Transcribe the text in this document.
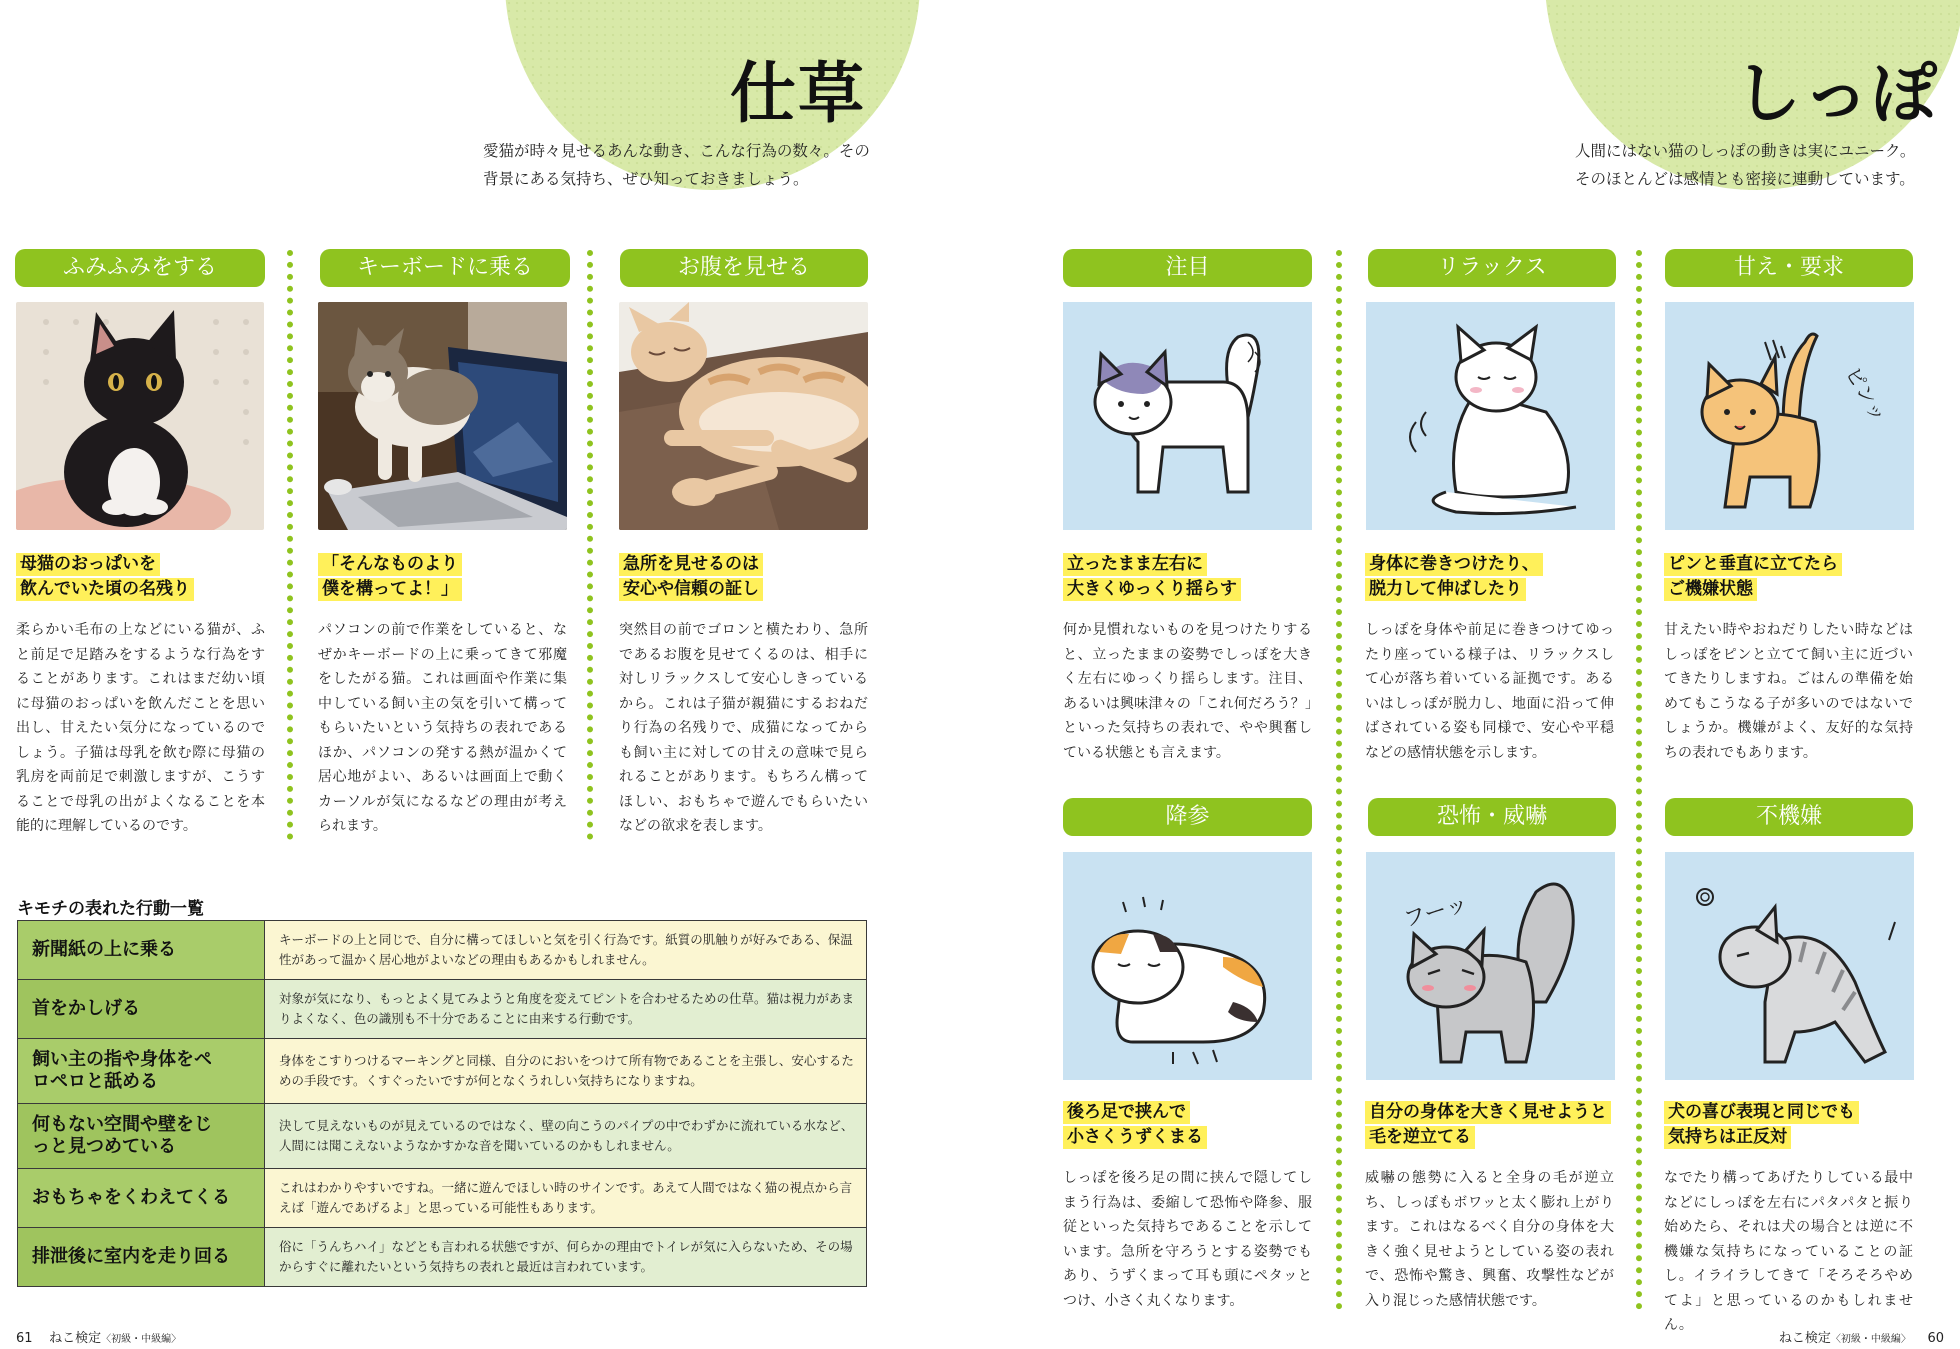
仕草
愛猫が時々見せるあんな動き、こんな行為の数々。その
背景にある気持ち、ぜひ知っておきましょう。
ふみふみをする	キーボードに乗る	お腹を見せる
母猫のおっぱいを
飲んでいた頃の名残り
「そんなものより
僕を構ってよ！」
急所を見せるのは
安心や信頼の証し
柔らかい毛布の上などにいる猫が、ふと前足で足踏みをするような行為をすることがあります。これはまだ幼い頃に母猫のおっぱいを飲んだことを思い出し、甘えたい気分になっているのでしょう。子猫は母乳を飲む際に母猫の乳房を両前足で刺激しますが、こうすることで母乳の出がよくなることを本能的に理解しているのです。
パソコンの前で作業をしていると、なぜかキーボードの上に乗ってきて邪魔をしたがる猫。これは画面や作業に集中している飼い主の気を引いて構ってもらいたいという気持ちの表れであるほか、パソコンの発する熱が温かくて居心地がよい、あるいは画面上で動くカーソルが気になるなどの理由が考えられます。
突然目の前でゴロンと横たわり、急所であるお腹を見せてくるのは、相手に対しリラックスして安心しきっているから。これは子猫が親猫にするおねだり行為の名残りで、成猫になってからも飼い主に対しての甘えの意味で見られることがあります。もちろん構ってほしい、おもちゃで遊んでもらいたいなどの欲求を表します。
キモチの表れた行動一覧
新聞紙の上に乗る	キーボードの上と同じで、自分に構ってほしいと気を引く行為です。紙質の肌触りが好みである、保温性があって温かく居心地がよいなどの理由もあるかもしれません。
首をかしげる	対象が気になり、もっとよく見てみようと角度を変えてピントを合わせるための仕草。猫は視力があまりよくなく、色の識別も不十分であることに由来する行動です。

飼い主の指や身体をペロペロと舐める	身体をこすりつけるマーキングと同様、自分のにおいをつけて所有物であることを主張し、安心するための手段です。くすぐったいですが何となくうれしい気持ちになりますね。

何もない空間や壁をじっと見つめている	決して見えないものが見えているのではなく、壁の向こうのパイプの中でわずかに流れている水など、人間には聞こえないようなかすかな音を聞いているのかもしれません。
おもちゃをくわえてくる	これはわかりやすいですね。一緒に遊んでほしい時のサインです。あえて人間ではなく猫の視点から言えば「遊んであげるよ」と思っている可能性もあります。
排泄後に室内を走り回る	俗に「うんちハイ」などとも言われる状態ですが、何らかの理由でトイレが気に入らないため、その場からすぐに離れたいという気持ちの表れと最近は言われています。
61 ねこ検定〈初級・中級編〉
しっぽ
人間にはない猫のしっぽの動きは実にユニーク。
そのほとんどは感情とも密接に連動しています。
注目	リラックス	甘え・要求
ピンッ
立ったまま左右に
大きくゆっくり揺らす
身体に巻きつけたり、
脱力して伸ばしたり
ピンと垂直に立てたら
ご機嫌状態
何か見慣れないものを見つけたりすると、立ったままの姿勢でしっぽを大きく左右にゆっくり揺らします。注目、あるいは興味津々の「これ何だろう？」といった気持ちの表れで、やや興奮している状態とも言えます。
しっぽを身体や前足に巻きつけてゆったり座っている様子は、リラックスして心が落ち着いている証拠です。あるいはしっぽが脱力し、地面に沿って伸ばされている姿も同様で、安心や平穏などの感情状態を示します。
甘えたい時やおねだりしたい時などはしっぽをピンと立てて飼い主に近づいてきたりしますね。ごはんの準備を始めてもこうなる子が多いのではないでしょうか。機嫌がよく、友好的な気持ちの表れでもあります。
降参	恐怖・威嚇	不機嫌
フーッ
後ろ足で挟んで
小さくうずくまる
自分の身体を大きく見せようと
毛を逆立てる
犬の喜び表現と同じでも
気持ちは正反対
しっぽを後ろ足の間に挟んで隠してしまう行為は、委縮して恐怖や降参、服従といった気持ちであることを示しています。急所を守ろうとする姿勢でもあり、うずくまって耳も頭にペタッとつけ、小さく丸くなります。
威嚇の態勢に入ると全身の毛が逆立ち、しっぽもボワッと太く膨れ上がります。これはなるべく自分の身体を大きく強く見せようとしている姿の表れで、恐怖や驚き、興奮、攻撃性などが入り混じった感情状態です。
なでたり構ってあげたりしている最中などにしっぽを左右にパタパタと振り始めたら、それは犬の場合とは逆に不機嫌な気持ちになっていることの証し。イライラしてきて「そろそろやめてよ」と思っているのかもしれません。
ねこ検定〈初級・中級編〉 60
